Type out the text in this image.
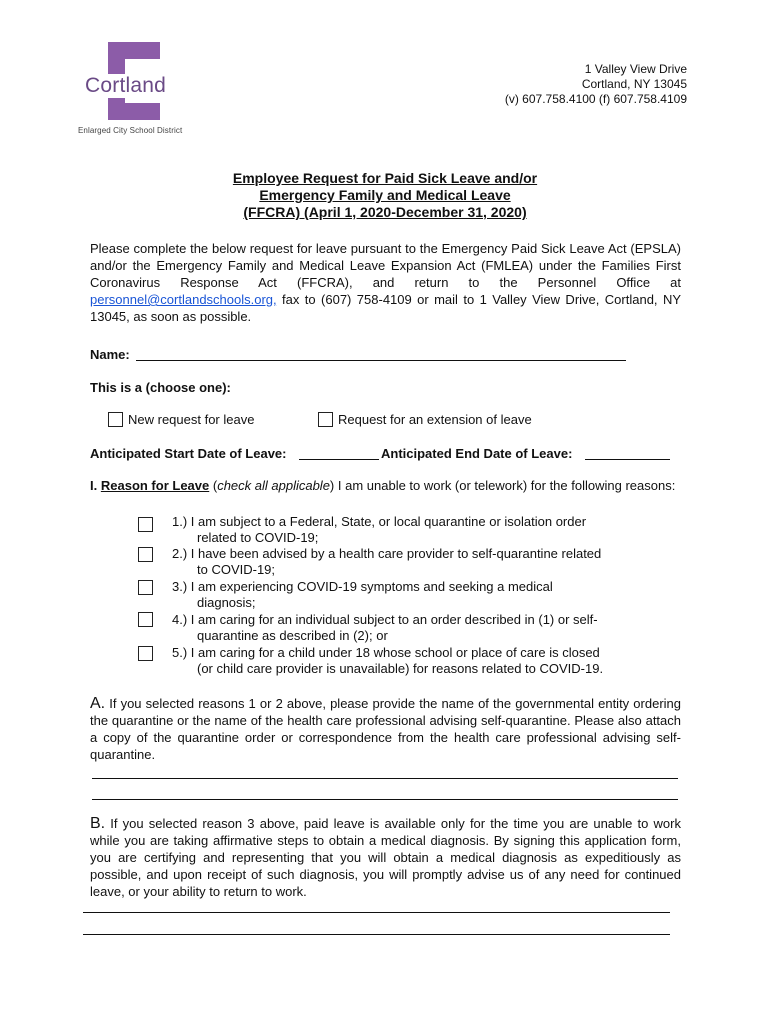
Cortland
Enlarged City School District
1 Valley View Drive
Cortland, NY 13045
(v) 607.758.4100 (f) 607.758.4109
Employee Request for Paid Sick Leave and/or
Emergency Family and Medical Leave
(FFCRA) (April 1, 2020-December 31, 2020)
Please complete the below request for leave pursuant to the Emergency Paid Sick Leave Act (EPSLA) and/or the Emergency Family and Medical Leave Expansion Act (FMLEA) under the Families First Coronavirus Response Act (FFCRA), and return to the Personnel Office at personnel@cortlandschools.org, fax to (607) 758-4109 or mail to 1 Valley View Drive, Cortland, NY 13045, as soon as possible.
Name:
This is a (choose one):
New request for leave	Request for an extension of leave
Anticipated Start Date of Leave:	Anticipated End Date of Leave:
I. Reason for Leave (check all applicable) I am unable to work (or telework) for the following reasons:
1.) I am subject to a Federal, State, or local quarantine or isolation order
related to COVID-19;
2.) I have been advised by a health care provider to self-quarantine related
to COVID-19;
3.) I am experiencing COVID-19 symptoms and seeking a medical
diagnosis;
4.) I am caring for an individual subject to an order described in (1) or self-
quarantine as described in (2); or
5.) I am caring for a child under 18 whose school or place of care is closed
(or child care provider is unavailable) for reasons related to COVID-19.
A. If you selected reasons 1 or 2 above, please provide the name of the governmental entity ordering the quarantine or the name of the health care professional advising self-quarantine. Please also attach a copy of the quarantine order or correspondence from the health care professional advising self-quarantine.
B. If you selected reason 3 above, paid leave is available only for the time you are unable to work while you are taking affirmative steps to obtain a medical diagnosis. By signing this application form, you are certifying and representing that you will obtain a medical diagnosis as expeditiously as possible, and upon receipt of such diagnosis, you will promptly advise us of any need for continued leave, or your ability to return to work.
